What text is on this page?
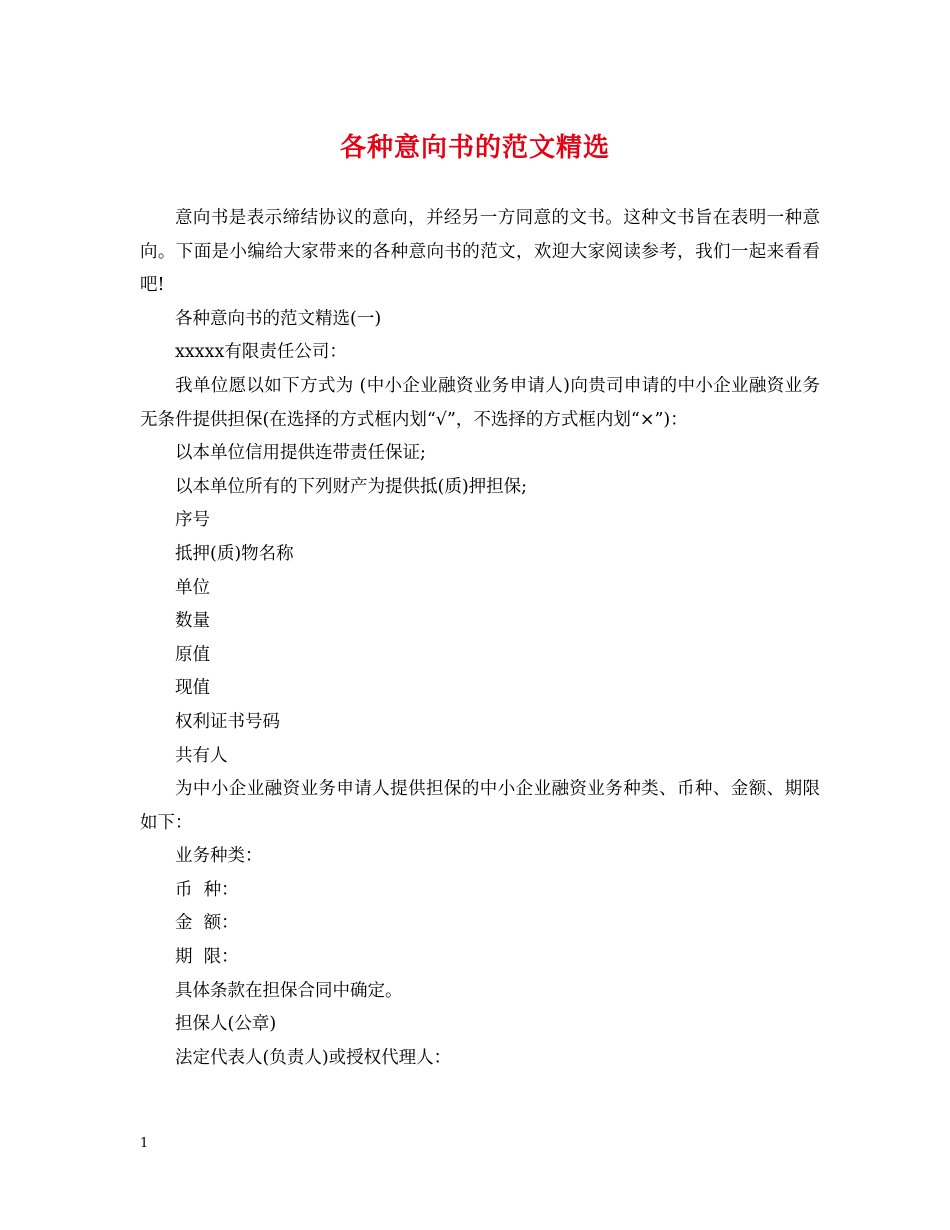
各种意向书的范文精选

意向书是表示缔结协议的意向，并经另一方同意的文书。这种文书旨在表明一种意向。下面是小编给大家带来的各种意向书的范文，欢迎大家阅读参考，我们一起来看看吧!

各种意向书的范文精选(一)

xxxxx有限责任公司：

我单位愿以如下方式为 (中小企业融资业务申请人)向贵司申请的中小企业融资业务无条件提供担保(在选择的方式框内划“√”，不选择的方式框内划“×”)：

以本单位信用提供连带责任保证;

以本单位所有的下列财产为提供抵(质)押担保;

序号

抵押(质)物名称

单位

数量

原值

现值

权利证书号码

共有人

为中小企业融资业务申请人提供担保的中小企业融资业务种类、币种、金额、期限如下：

业务种类：

币  种：

金  额：

期  限：

具体条款在担保合同中确定。

担保人(公章)

法定代表人(负责人)或授权代理人：

1
